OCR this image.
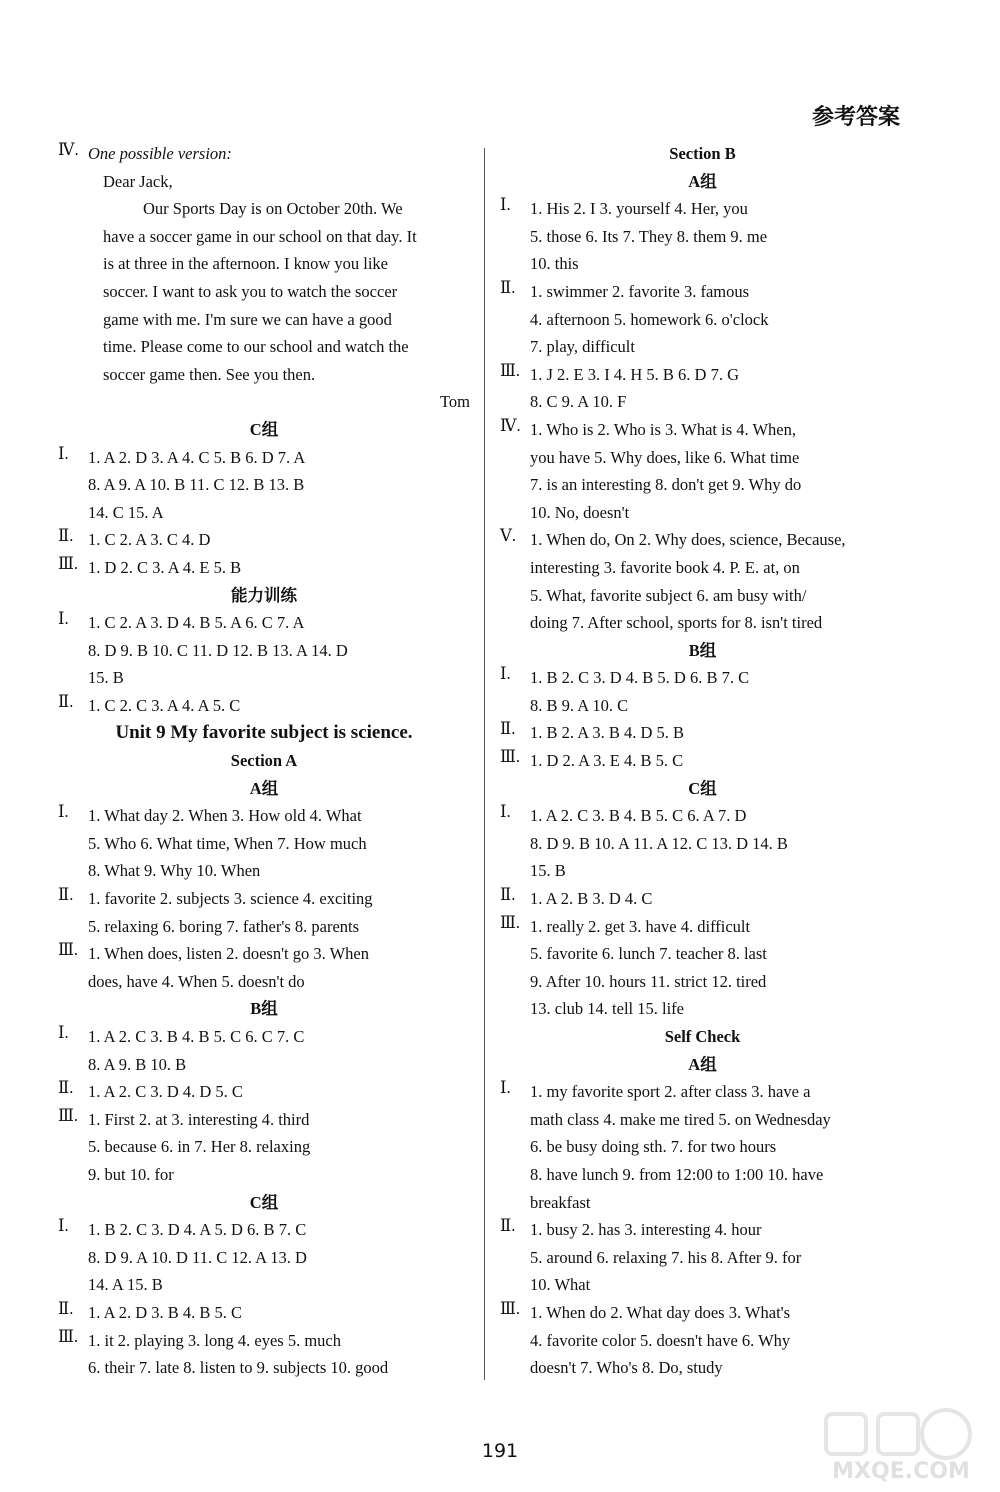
参考答案
Ⅳ. One possible version:
Dear Jack,
Our Sports Day is on October 20th. We
have a soccer game in our school on that day. It
is at three in the afternoon. I know you like
soccer. I want to ask you to watch the soccer
game with me. I'm sure we can have a good
time. Please come to our school and watch the
soccer game then. See you then.
Tom
C组
Ⅰ.	1. A 2. D 3. A 4. C 5. B 6. D 7. A
8. A 9. A 10. B 11. C 12. B 13. B
14. C 15. A
Ⅱ. 1. C 2. A 3. C 4. D
Ⅲ. 1. D 2. C 3. A 4. E 5. B
能力训练
Ⅰ.	1. C 2. A 3. D 4. B 5. A 6. C 7. A
8. D 9. B 10. C 11. D 12. B 13. A 14. D
15. B
Ⅱ. 1. C 2. C 3. A 4. A 5. C
Unit 9 My favorite subject is science.
Section A
A组
Ⅰ.	1. What day 2. When 3. How old 4. What
5. Who 6. What time, When 7. How much
8. What 9. Why 10. When
Ⅱ. 1. favorite 2. subjects 3. science 4. exciting
5. relaxing 6. boring 7. father's 8. parents
Ⅲ. 1. When does, listen 2. doesn't go 3. When
does, have 4. When 5. doesn't do
B组
Ⅰ.	1. A 2. C 3. B 4. B 5. C 6. C 7. C
8. A 9. B 10. B
Ⅱ. 1. A 2. C 3. D 4. D 5. C
Ⅲ. 1. First 2. at 3. interesting 4. third
5. because 6. in 7. Her 8. relaxing
9. but 10. for
C组
Ⅰ.	1. B 2. C 3. D 4. A 5. D 6. B 7. C
8. D 9. A 10. D 11. C 12. A 13. D
14. A 15. B
Ⅱ. 1. A 2. D 3. B 4. B 5. C
Ⅲ. 1. it 2. playing 3. long 4. eyes 5. much
6. their 7. late 8. listen to 9. subjects 10. good
Section B
A组
Ⅰ.	1. His 2. I 3. yourself 4. Her, you
5. those 6. Its 7. They 8. them 9. me
10. this
Ⅱ. 1. swimmer 2. favorite 3. famous
4. afternoon 5. homework 6. o'clock
7. play, difficult
Ⅲ. 1. J 2. E 3. I 4. H 5. B 6. D 7. G
8. C 9. A 10. F
Ⅳ. 1. Who is 2. Who is 3. What is 4. When,
you have 5. Why does, like 6. What time
7. is an interesting 8. don't get 9. Why do
10. No, doesn't
Ⅴ. 1. When do, On 2. Why does, science, Because,
interesting 3. favorite book 4. P. E. at, on
5. What, favorite subject 6. am busy with/
doing 7. After school, sports for 8. isn't tired
B组
Ⅰ.	1. B 2. C 3. D 4. B 5. D 6. B 7. C
8. B 9. A 10. C
Ⅱ. 1. B 2. A 3. B 4. D 5. B
Ⅲ. 1. D 2. A 3. E 4. B 5. C
C组
Ⅰ.	1. A 2. C 3. B 4. B 5. C 6. A 7. D
8. D 9. B 10. A 11. A 12. C 13. D 14. B
15. B
Ⅱ. 1. A 2. B 3. D 4. C
Ⅲ. 1. really 2. get 3. have 4. difficult
5. favorite 6. lunch 7. teacher 8. last
9. After 10. hours 11. strict 12. tired
13. club 14. tell 15. life
Self Check
A组
Ⅰ.	1. my favorite sport 2. after class 3. have a
math class 4. make me tired 5. on Wednesday
6. be busy doing sth. 7. for two hours
8. have lunch 9. from 12:00 to 1:00 10. have
breakfast
Ⅱ. 1. busy 2. has 3. interesting 4. hour
5. around 6. relaxing 7. his 8. After 9. for
10. What
Ⅲ. 1. When do 2. What day does 3. What's
4. favorite color 5. doesn't have 6. Why
doesn't 7. Who's 8. Do, study
191
MXQE.COM
